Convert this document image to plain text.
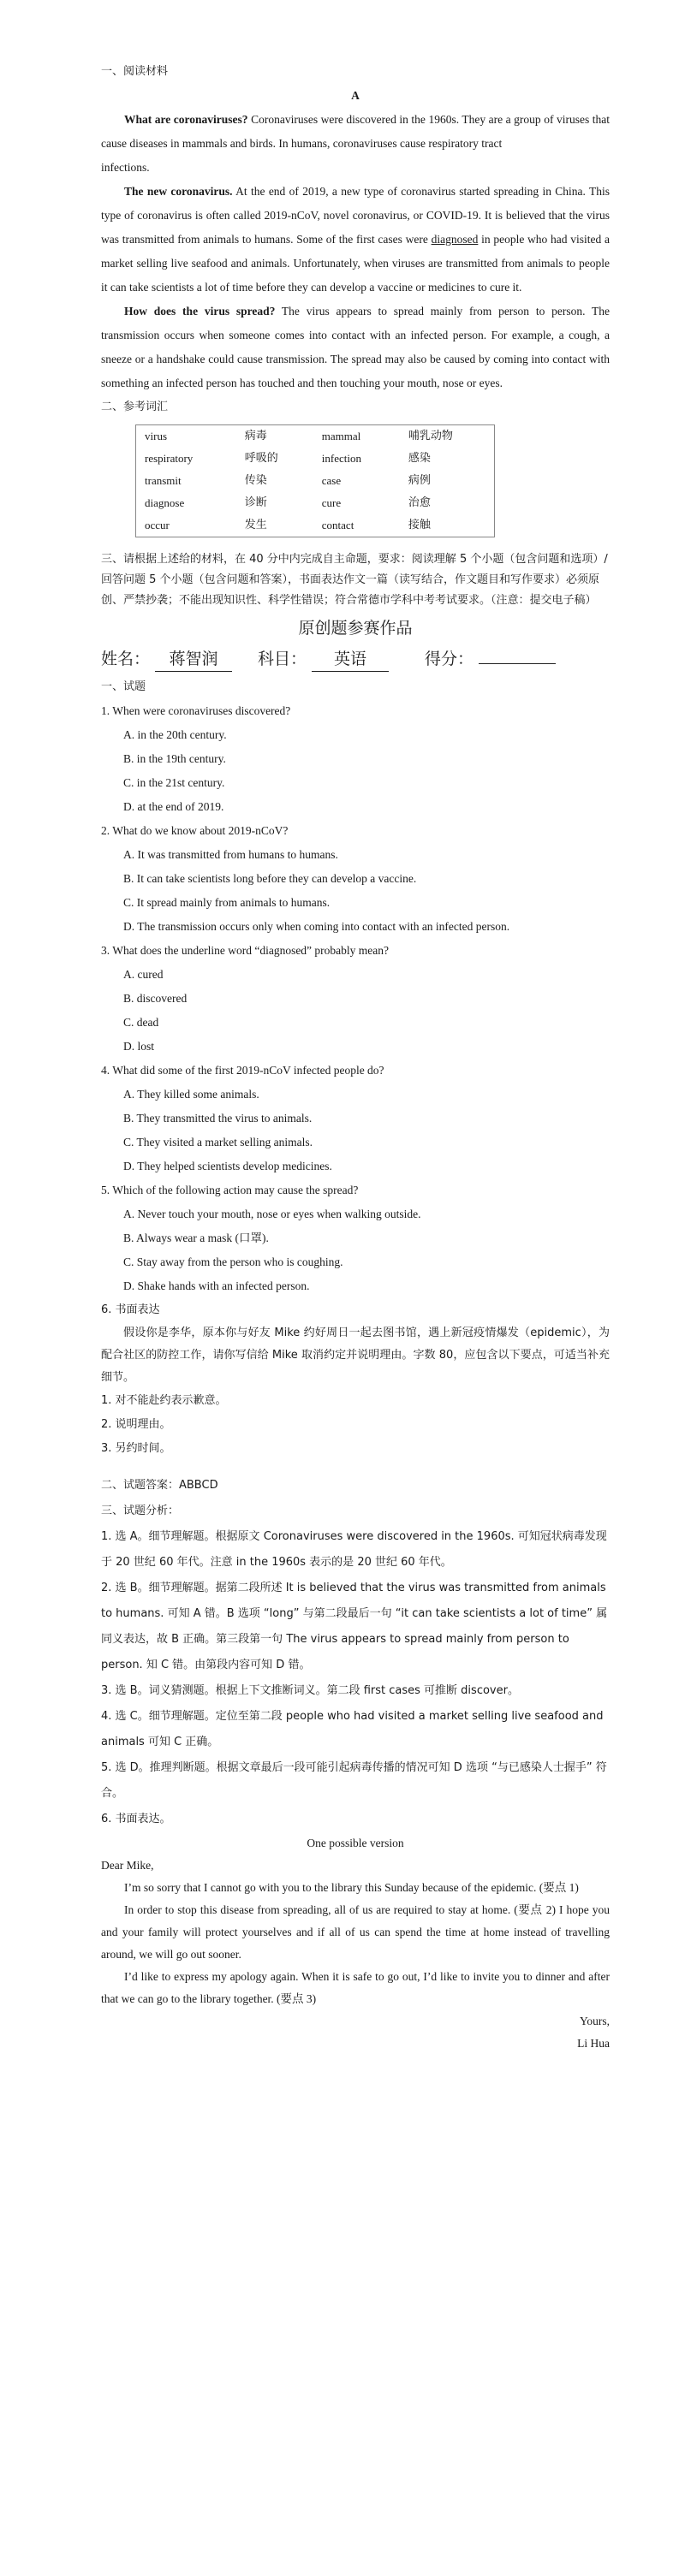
一、阅读材料

A

What are coronaviruses? Coronaviruses were discovered in the 1960s. They are a group of viruses that cause diseases in mammals and birds. In humans, coronaviruses cause respiratory tract

infections.

The new coronavirus. At the end of 2019, a new type of coronavirus started spreading in China. This type of coronavirus is often called 2019-nCoV, novel coronavirus, or COVID-19. It is believed that the virus was transmitted from animals to humans. Some of the first cases were diagnosed in people who had visited a market selling live seafood and animals. Unfortunately, when viruses are transmitted from animals to people it can take scientists a lot of time before they can develop a vaccine or medicines to cure it.

How does the virus spread? The virus appears to spread mainly from person to person. The transmission occurs when someone comes into contact with an infected person. For example, a cough, a sneeze or a handshake could cause transmission. The spread may also be caused by coming into contact with something an infected person has touched and then touching your mouth, nose or eyes.

二、参考词汇

virus	病毒	mammal	哺乳动物
respiratory	呼吸的	infection	感染
transmit	传染	case	病例
diagnose	诊断	cure	治愈
occur	发生	contact	接触

三、请根据上述给的材料，在 40 分中内完成自主命题，要求：阅读理解 5 个小题（包含问题和选项）/回答问题 5 个小题（包含问题和答案），书面表达作文一篇（读写结合，作文题目和写作要求）必须原创、严禁抄袭；不能出现知识性、科学性错误；符合常德市学科中考考试要求。（注意：提交电子稿）

原创题参赛作品
姓名：	蒋智润	科目：	英语	得分：

一、试题

1. When were coronaviruses discovered?

A. in the 20th century.

B. in the 19th century.

C. in the 21st century.

D. at the end of 2019.

2. What do we know about 2019-nCoV?

A. It was transmitted from humans to humans.

B. It can take scientists long before they can develop a vaccine.

C. It spread mainly from animals to humans.

D. The transmission occurs only when coming into contact with an infected person.

3. What does the underline word “diagnosed” probably mean?

A. cured

B. discovered

C. dead

D. lost

4. What did some of the first 2019-nCoV infected people do?

A. They killed some animals.

B. They transmitted the virus to animals.

C. They visited a market selling animals.

D. They helped scientists develop medicines.

5. Which of the following action may cause the spread?

A. Never touch your mouth, nose or eyes when walking outside.

B. Always wear a mask (口罩).

C. Stay away from the person who is coughing.

D. Shake hands with an infected person.

6. 书面表达

假设你是李华，原本你与好友 Mike 约好周日一起去图书馆，遇上新冠疫情爆发（epidemic），为配合社区的防控工作，请你写信给 Mike 取消约定并说明理由。字数 80，应包含以下要点，可适当补充细节。

1. 对不能赴约表示歉意。

2. 说明理由。

3. 另约时间。

二、试题答案：ABBCD

三、试题分析：

1. 选 A。细节理解题。根据原文 Coronaviruses were discovered in the 1960s. 可知冠状病毒发现于 20 世纪 60 年代。注意 in the 1960s 表示的是 20 世纪 60 年代。

2. 选 B。细节理解题。据第二段所述 It is believed that the virus was transmitted from animals to humans. 可知 A 错。B 选项 “long” 与第二段最后一句 “it can take scientists a lot of time” 属同义表达，故 B 正确。第三段第一句 The virus appears to spread mainly from person to person. 知 C 错。由第段内容可知 D 错。

3. 选 B。词义猜测题。根据上下文推断词义。第二段 first cases 可推断 discover。

4. 选 C。细节理解题。定位至第二段 people who had visited a market selling live seafood and animals 可知 C 正确。

5. 选 D。推理判断题。根据文章最后一段可能引起病毒传播的情况可知 D 选项 “与已感染人士握手” 符合。

6. 书面表达。

One possible version

Dear Mike,

I’m so sorry that I cannot go with you to the library this Sunday because of the epidemic. (要点 1)

In order to stop this disease from spreading, all of us are required to stay at home. (要点 2) I hope you and your family will protect yourselves and if all of us can spend the time at home instead of travelling around, we will go out sooner.

I’d like to express my apology again. When it is safe to go out, I’d like to invite you to dinner and after that we can go to the library together. (要点 3)

Yours,

Li Hua
